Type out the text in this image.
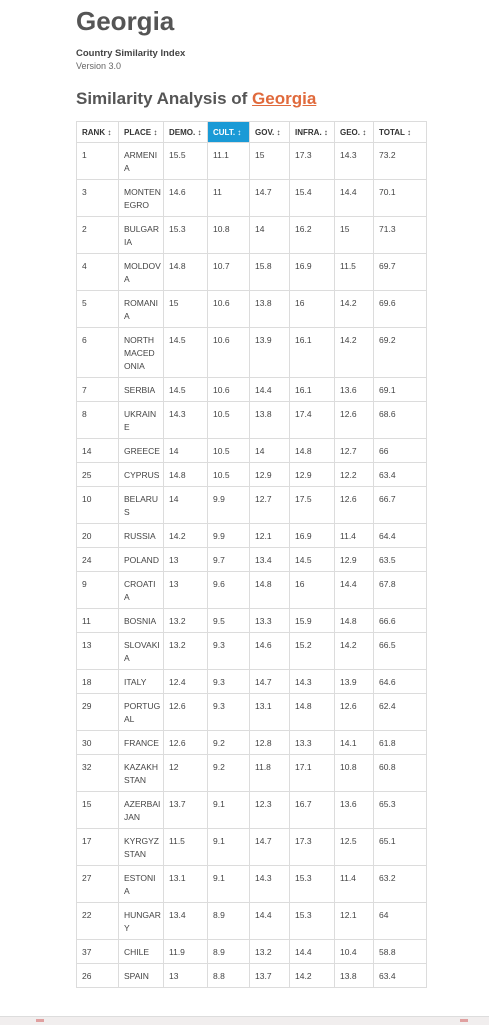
Georgia
Country Similarity Index
Version 3.0
Similarity Analysis of Georgia
RANK ↕	PLACE ↕	DEMO. ↕	CULT. ↕	GOV. ↕	INFRA. ↕	GEO. ↕	TOTAL ↕
1	ARMENIA	15.5	11.1	15	17.3	14.3	73.2
3	MONTENEGRO	14.6	11	14.7	15.4	14.4	70.1
2	BULGARIA	15.3	10.8	14	16.2	15	71.3
4	MOLDOVA	14.8	10.7	15.8	16.9	11.5	69.7
5	ROMANIA	15	10.6	13.8	16	14.2	69.6
6	NORTH MACEDONIA	14.5	10.6	13.9	16.1	14.2	69.2
7	SERBIA	14.5	10.6	14.4	16.1	13.6	69.1
8	UKRAINE	14.3	10.5	13.8	17.4	12.6	68.6
14	GREECE	14	10.5	14	14.8	12.7	66
25	CYPRUS	14.8	10.5	12.9	12.9	12.2	63.4
10	BELARUS	14	9.9	12.7	17.5	12.6	66.7
20	RUSSIA	14.2	9.9	12.1	16.9	11.4	64.4
24	POLAND	13	9.7	13.4	14.5	12.9	63.5
9	CROATIA	13	9.6	14.8	16	14.4	67.8
11	BOSNIA	13.2	9.5	13.3	15.9	14.8	66.6
13	SLOVAKIA	13.2	9.3	14.6	15.2	14.2	66.5
18	ITALY	12.4	9.3	14.7	14.3	13.9	64.6
29	PORTUGAL	12.6	9.3	13.1	14.8	12.6	62.4
30	FRANCE	12.6	9.2	12.8	13.3	14.1	61.8
32	KAZAKHSTAN	12	9.2	11.8	17.1	10.8	60.8
15	AZERBAIJAN	13.7	9.1	12.3	16.7	13.6	65.3
17	KYRGYZSTAN	11.5	9.1	14.7	17.3	12.5	65.1
27	ESTONIA	13.1	9.1	14.3	15.3	11.4	63.2
22	HUNGARY	13.4	8.9	14.4	15.3	12.1	64
37	CHILE	11.9	8.9	13.2	14.4	10.4	58.8
26	SPAIN	13	8.8	13.7	14.2	13.8	63.4
